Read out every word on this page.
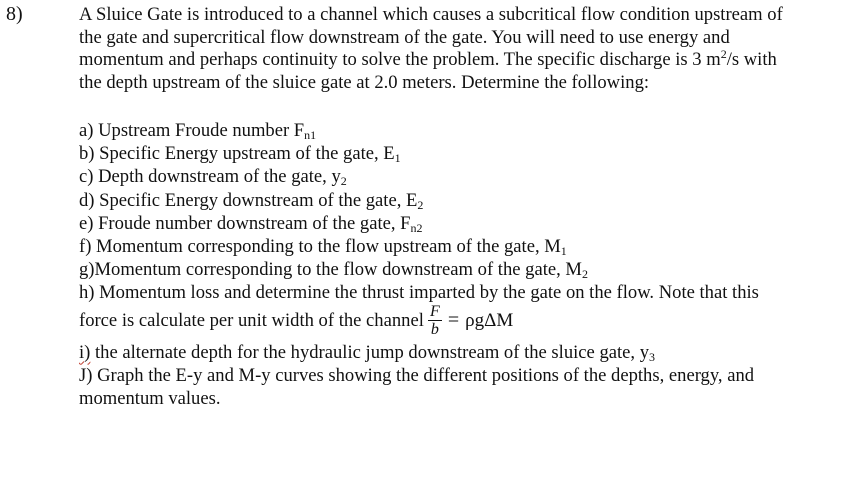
8)	A Sluice Gate is introduced to a channel which causes a subcritical flow condition upstream of
the gate and supercritical flow downstream of the gate. You will need to use energy and
momentum and perhaps continuity to solve the problem. The specific discharge is 3 $m^2/s$ with
the depth upstream of the sluice gate at 2.0 meters. Determine the following:
a) Upstream Froude number $F_{n1}$
b) Specific Energy upstream of the gate, $E_1$
c) Depth downstream of the gate, $y_2$
d) Specific Energy downstream of the gate, $E_2$
e) Froude number downstream of the gate, $F_{n2}$
f) Momentum corresponding to the flow upstream of the gate, $M_1$
g)Momentum corresponding to the flow downstream of the gate, $M_2$
h) Momentum loss and determine the thrust imparted by the gate on the flow. Note that this
force is calculate per unit width of the channel $\frac{F}{b} = \rho g\Delta M$
i) the alternate depth for the hydraulic jump downstream of the sluice gate, $y_3$
J) Graph the E-y and M-y curves showing the different positions of the depths, energy, and
momentum values.
